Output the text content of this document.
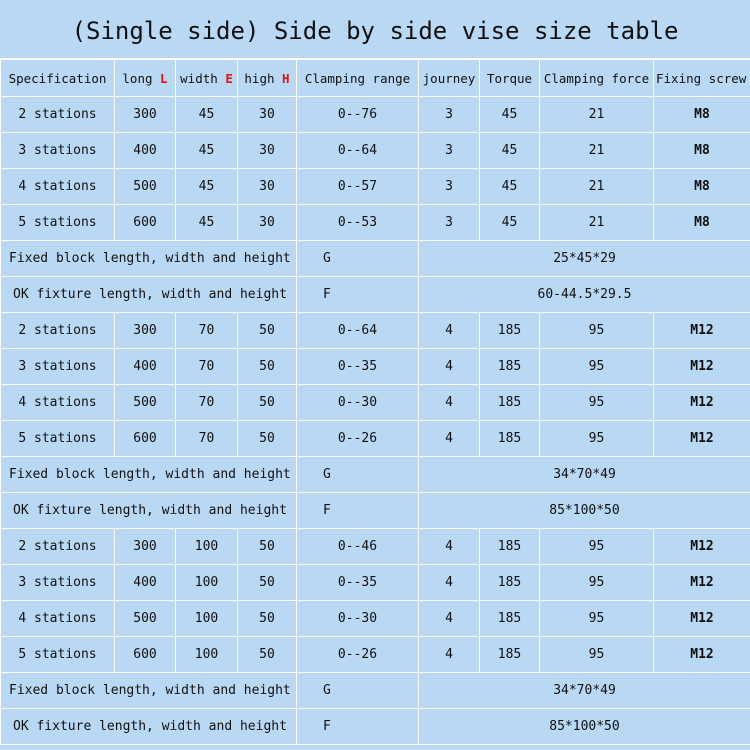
(Single side) Side by side vise size table
Specification	long L	width E	high H	Clamping range	journey	Torque	Clamping force	Fixing screw
2 stations	300	45	30	0--76	3	45	21	M8
3 stations	400	45	30	0--64	3	45	21	M8
4 stations	500	45	30	0--57	3	45	21	M8
5 stations	600	45	30	0--53	3	45	21	M8
Fixed block length, width and height				G	25*45*29			
OK fixture length, width and height				F	60-44.5*29.5			
2 stations	300	70	50	0--64	4	185	95	M12
3 stations	400	70	50	0--35	4	185	95	M12
4 stations	500	70	50	0--30	4	185	95	M12
5 stations	600	70	50	0--26	4	185	95	M12
Fixed block length, width and height				G	34*70*49			
OK fixture length, width and height				F	85*100*50			
2 stations	300	100	50	0--46	4	185	95	M12
3 stations	400	100	50	0--35	4	185	95	M12
4 stations	500	100	50	0--30	4	185	95	M12
5 stations	600	100	50	0--26	4	185	95	M12
Fixed block length, width and height				G	34*70*49			
OK fixture length, width and height				F	85*100*50			
